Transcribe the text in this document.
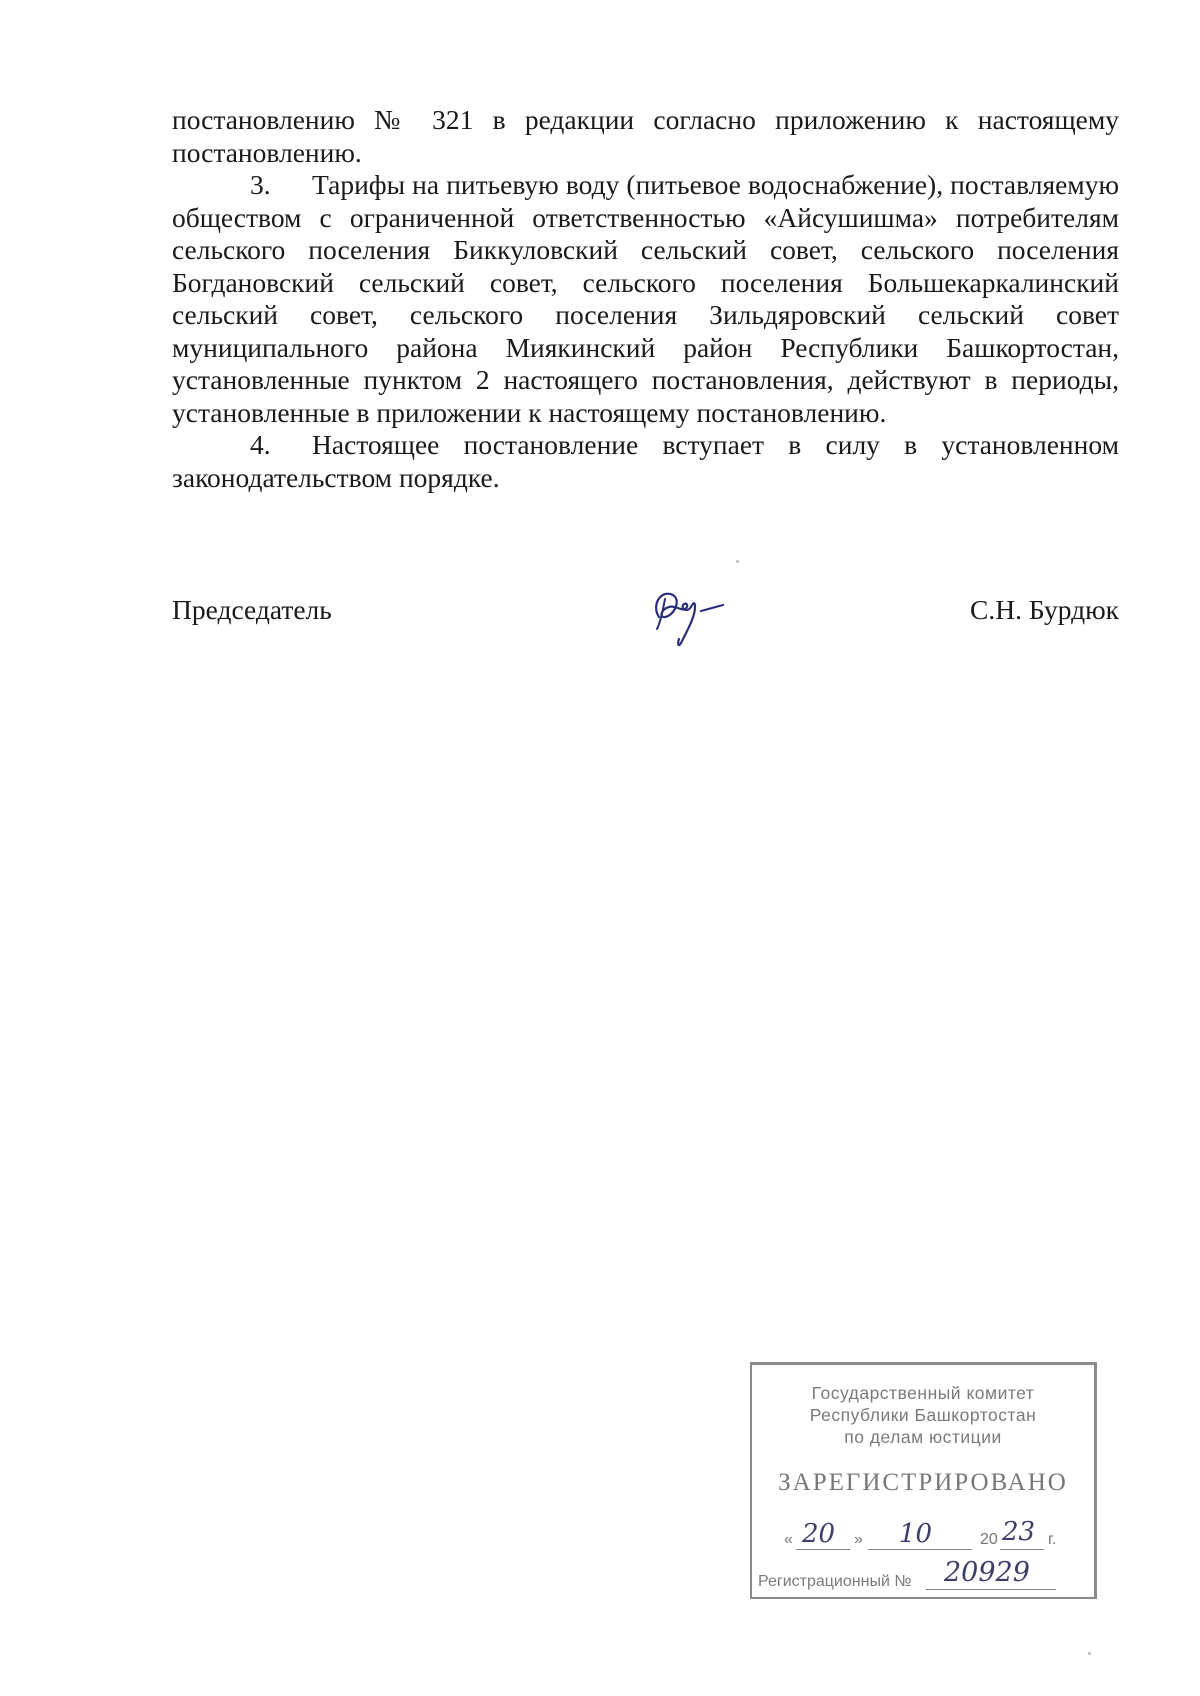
постановлению № 321 в редакции согласно приложению к настоящему постановлению.

3. Тарифы на питьевую воду (питьевое водоснабжение), поставляемую обществом с ограниченной ответственностью «Айсушишма» потребителям сельского поселения Биккуловский сельский совет, сельского поселения Богдановский сельский совет, сельского поселения Большекаркалинский сельский совет, сельского поселения Зильдяровский сельский совет муниципального района Миякинский район Республики Башкортостан, установленные пунктом 2 настоящего постановления, действуют в периоды, установленные в приложении к настоящему постановлению.

4. Настоящее постановление вступает в силу в установленном законодательством порядке.

Председатель	С.Н. Бурдюк
Государственный комитет
Республики Башкортостан
по делам юстиции
ЗАРЕГИСТРИРОВАНО
« 20 » 10	20 23 г.
Регистрационный № 20929
